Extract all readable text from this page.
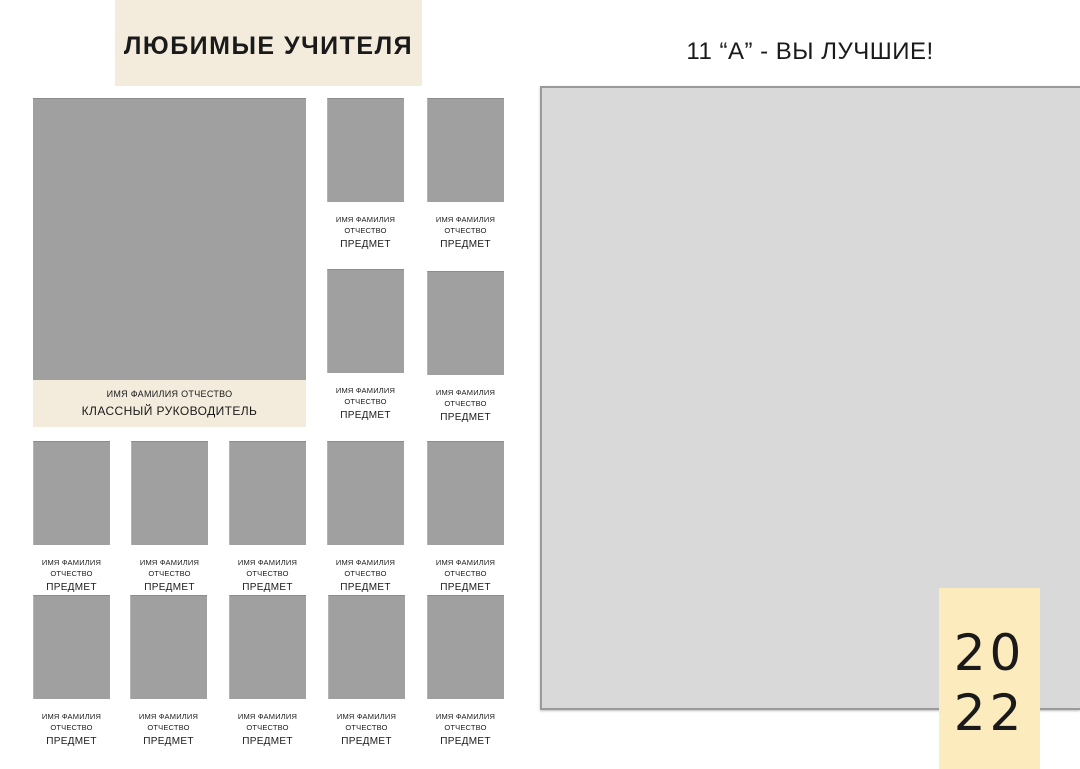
ЛЮБИМЫЕ УЧИТЕЛЯ
ИМЯ ФАМИЛИЯ ОТЧЕСТВО
КЛАССНЫЙ РУКОВОДИТЕЛЬ
ИМЯ ФАМИЛИЯ
ОТЧЕСТВО
ПРЕДМЕТ
ИМЯ ФАМИЛИЯ
ОТЧЕСТВО
ПРЕДМЕТ
ИМЯ ФАМИЛИЯ
ОТЧЕСТВО
ПРЕДМЕТ
ИМЯ ФАМИЛИЯ
ОТЧЕСТВО
ПРЕДМЕТ
ИМЯ ФАМИЛИЯ
ОТЧЕСТВО
ПРЕДМЕТ
ИМЯ ФАМИЛИЯ
ОТЧЕСТВО
ПРЕДМЕТ
ИМЯ ФАМИЛИЯ
ОТЧЕСТВО
ПРЕДМЕТ
ИМЯ ФАМИЛИЯ
ОТЧЕСТВО
ПРЕДМЕТ
ИМЯ ФАМИЛИЯ
ОТЧЕСТВО
ПРЕДМЕТ
ИМЯ ФАМИЛИЯ
ОТЧЕСТВО
ПРЕДМЕТ
ИМЯ ФАМИЛИЯ
ОТЧЕСТВО
ПРЕДМЕТ
ИМЯ ФАМИЛИЯ
ОТЧЕСТВО
ПРЕДМЕТ
ИМЯ ФАМИЛИЯ
ОТЧЕСТВО
ПРЕДМЕТ
ИМЯ ФАМИЛИЯ
ОТЧЕСТВО
ПРЕДМЕТ
11 “А” - ВЫ ЛУЧШИЕ!
20
22
